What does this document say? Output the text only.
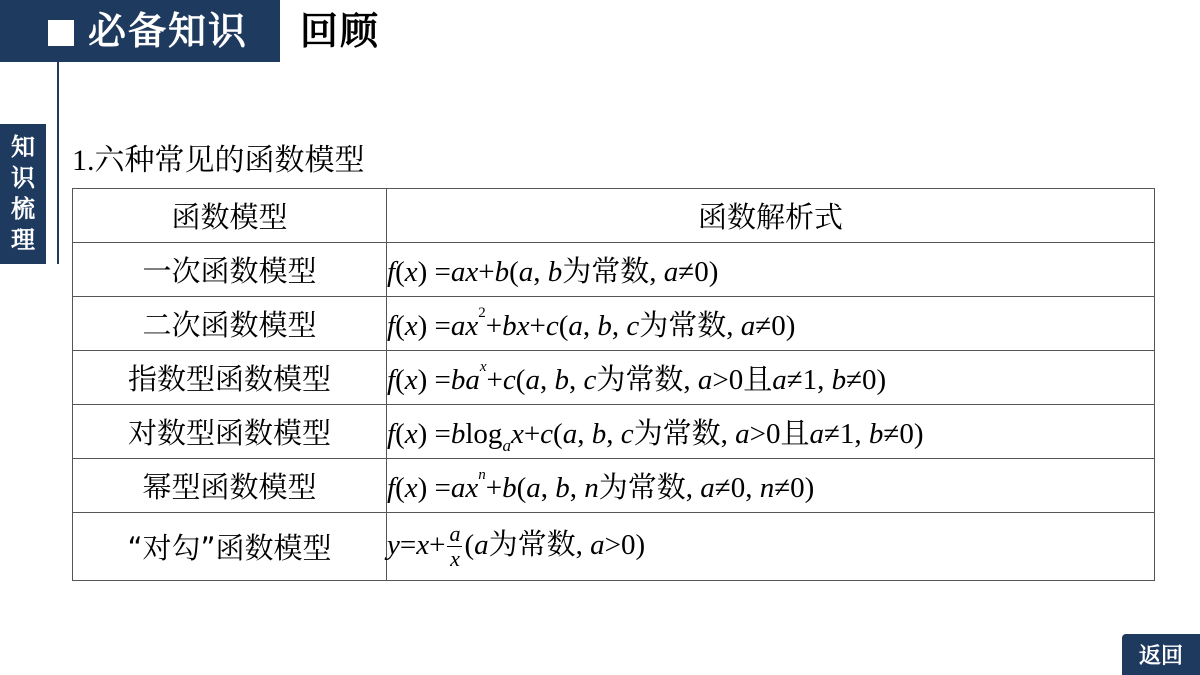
必备知识 回顾
知
识
梳
理
1.六种常见的函数模型
函数模型	函数解析式
一次函数模型	f(x) =ax+b(a, b为常数, a≠0)
二次函数模型	$f(x) =ax^2+bx+c(a$, b, c为常数, a≠0)
指数型函数模型	$f(x) =ba^x+c(a$, b, c为常数, a>0且a≠1, b≠0)
对数型函数模型	f(x) =blog$_a$x+c(a, b, c为常数, a>0且a≠1, b≠0)
幂型函数模型	$f(x) =ax^n+b(a$, b, n为常数, a≠0, n≠0)
“对勾”函数模型	$y=x+ \frac{a}{x} (a$为常数, a>0)
返回
